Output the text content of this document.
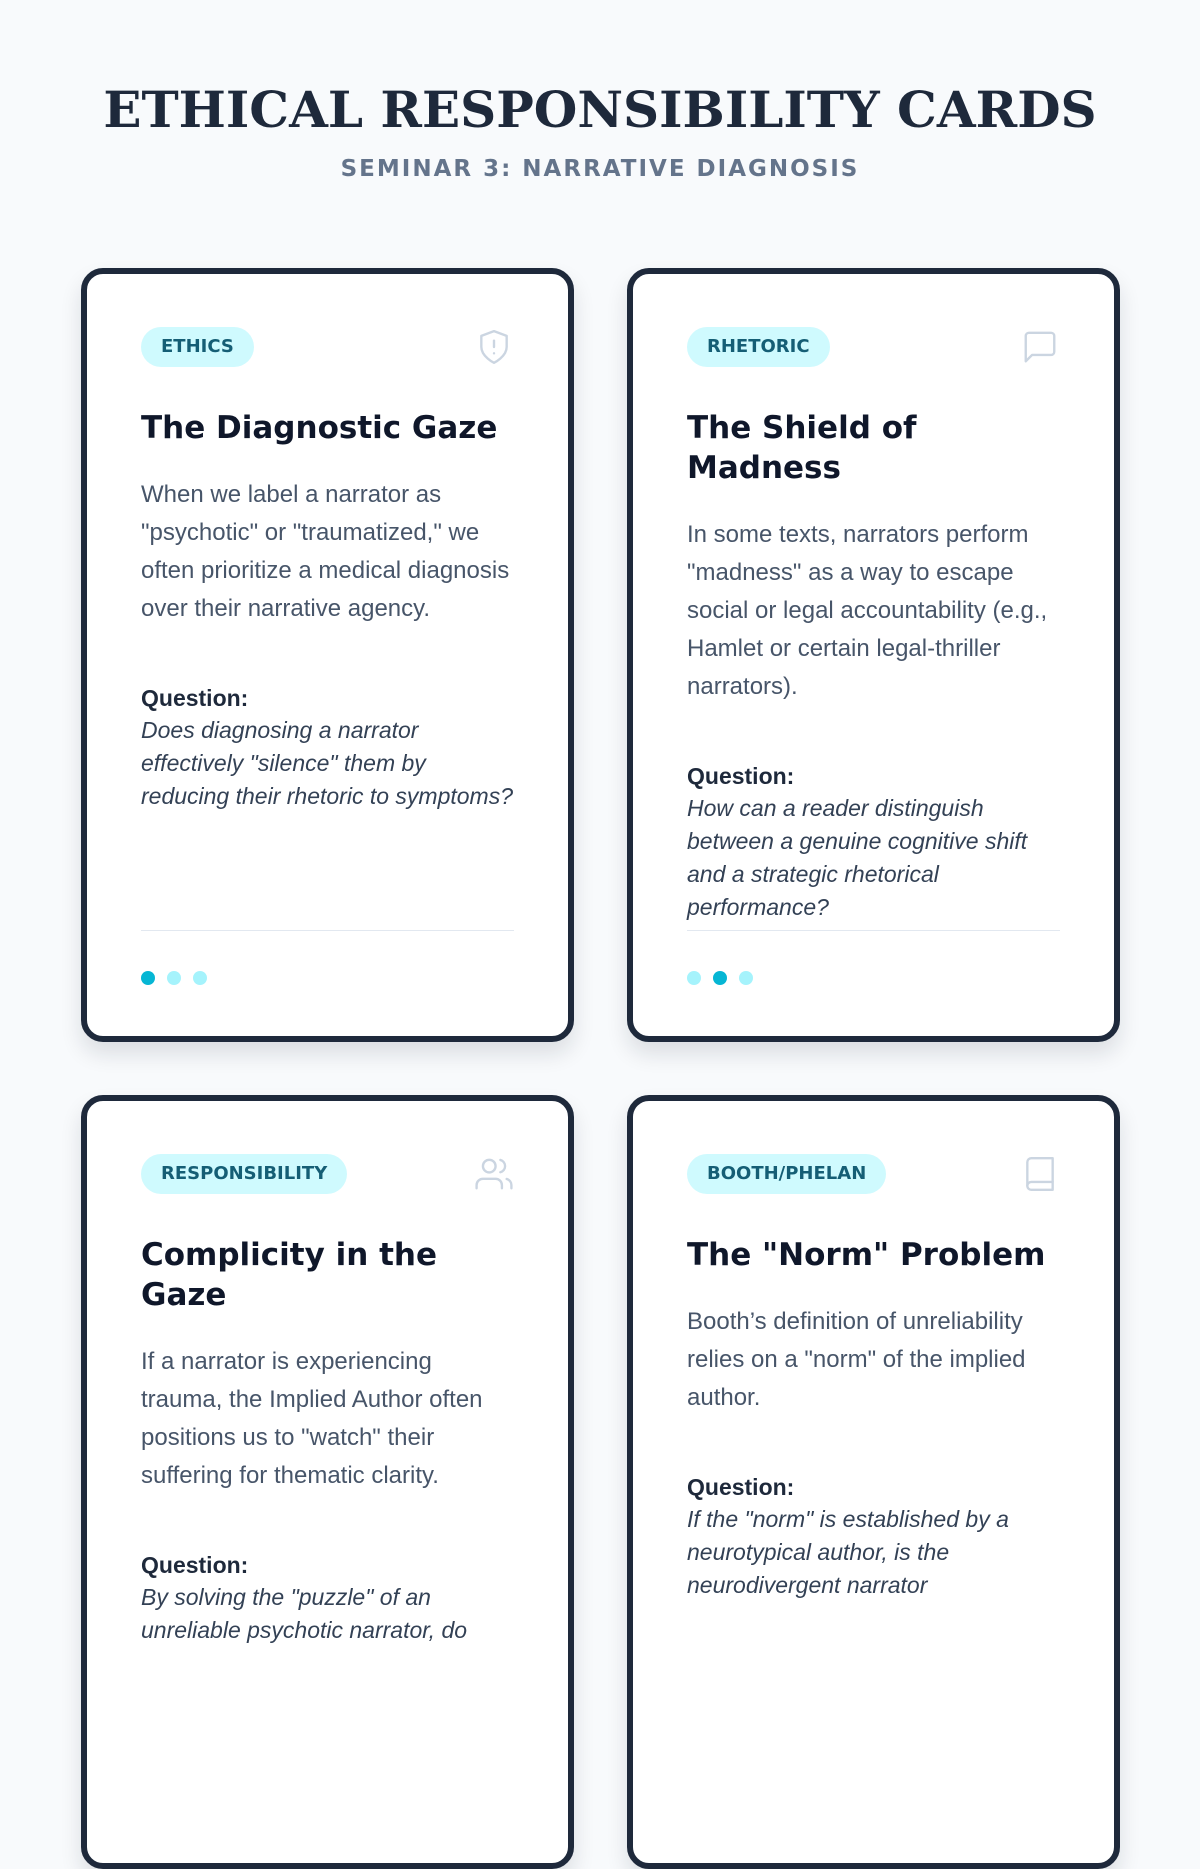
ETHICAL RESPONSIBILITY CARDS
SEMINAR 3: NARRATIVE DIAGNOSIS
ETHICS
The Diagnostic Gaze
When we label a narrator as "psychotic" or "traumatized," we often prioritize a medical diagnosis over their narrative agency.
Question:
Does diagnosing a narrator effectively "silence" them by reducing their rhetoric to symptoms?
RHETORIC
The Shield of Madness
In some texts, narrators perform "madness" as a way to escape social or legal accountability (e.g., Hamlet or certain legal-thriller narrators).
Question:
How can a reader distinguish between a genuine cognitive shift and a strategic rhetorical performance?
RESPONSIBILITY
Complicity in the Gaze
If a narrator is experiencing trauma, the Implied Author often positions us to "watch" their suffering for thematic clarity.
Question:
By solving the "puzzle" of an unreliable psychotic narrator, do
BOOTH/PHELAN
The "Norm" Problem
Booth’s definition of unreliability relies on a "norm" of the implied author.
Question:
If the "norm" is established by a neurotypical author, is the neurodivergent narrator
